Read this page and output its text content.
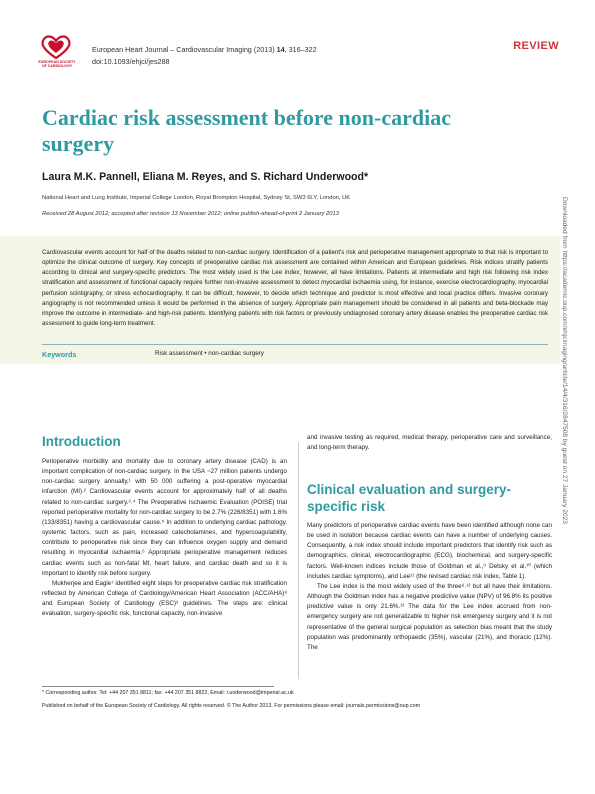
EUROPEAN SOCIETY OF CARDIOLOGY
European Heart Journal – Cardiovascular Imaging (2013) 14, 316–322
doi:10.1093/ehjci/jes288
REVIEW
Cardiac risk assessment before non-cardiac surgery
Laura M.K. Pannell, Eliana M. Reyes, and S. Richard Underwood*
National Heart and Lung Institute, Imperial College London, Royal Brompton Hospital, Sydney St, SW3 6LY, London, UK
Received 28 August 2012; accepted after revision 13 November 2012; online publish-ahead-of-print 2 January 2013	Downloaded from https://academic.oup.com/ehjcimaging/article/14/4/316/2847508 by guest on 27 January 2023
Cardiovascular events account for half of the deaths related to non-cardiac surgery. Identification of a patient's risk and perioperative management appropriate to that risk is important to optimize the clinical outcome of surgery. Key concepts of preoperative cardiac risk assessment are contained within American and European guidelines. Risk indices stratify patients according to clinical and surgery-specific predictors. The most widely used is the Lee index; however, all have limitations. Patients at intermediate and high risk following risk index stratification and assessment of functional capacity require further non-invasive assessment to detect myocardial ischaemia using, for instance, exercise electrocardiography, myocardial perfusion scintigraphy, or stress echocardiography. It can be difficult, however, to decide which technique and predictor is most effective and local practice differs. Invasive coronary angiography is not recommended unless it would be performed in the absence of surgery. Appropriate pain management should be considered in all patients and beta-blockade may improve the outcome in intermediate- and high-risk patients. Identifying patients with risk factors or previously undiagnosed coronary artery disease enables the preoperative cardiac risk assessment to guide long-term treatment.
Keywords	Risk assessment • non-cardiac surgery
Introduction

Perioperative morbidity and mortality due to coronary artery disease (CAD) is an important complication of non-cardiac surgery. In the USA ~27 million patients undergo non-cardiac surgery annually,¹ with 50 000 suffering a post-operative myocardial infarction (MI).² Cardiovascular events account for approximately half of all deaths related to non-cardiac surgery.³˒⁴ The Preoperative Ischaemic Evaluation (POISE) trial reported perioperative mortality for non-cardiac surgery to be 2.7% (226/8351) with 1.6% (133/8351) having a cardiovascular cause.⁵ In addition to underlying cardiac pathology, systemic factors, such as pain, increased catecholamines, and hypercoagulability, contribute to perioperative risk since they can influence oxygen supply and demand resulting in myocardial ischaemia.⁶ Appropriate perioperative management reduces cardiac events such as non-fatal MI, heart failure, and cardiac death and so it is important to identify risk before surgery.

Mukherjee and Eagle⁷ identified eight steps for preoperative cardiac risk stratification reflected by American College of Cardiology/American Heart Association (ACC/AHA)⁸ and European Society of Cardiology (ESC)³ guidelines. The steps are: clinical evaluation, surgery-specific risk, functional capacity, non-invasive

and invasive testing as required, medical therapy, perioperative care and surveillance, and long-term therapy.

Clinical evaluation and surgery-specific risk

Many predictors of perioperative cardiac events have been identified although none can be used in isolation because cardiac events can have a number of underlying causes. Consequently, a risk index should include important predictors that identify risk such as demographics, clinical, electrocardiographic (ECG), biochemical, and surgery-specific factors. Well-known indices include those of Goldman et al.,⁹ Detsky et al.¹⁰ (which includes cardiac symptoms), and Lee¹¹ (the revised cardiac risk index, Table 1).

The Lee index is the most widely used of the three⁸˒¹² but all have their limitations. Although the Goldman index has a negative predictive value (NPV) of 96.8% its positive predictive value is only 21.6%.¹² The data for the Lee index accrued from non-emergency surgery are not generalizable to higher risk emergency surgery and it is not representative of the general surgical population as selection bias meant that the study population was predominantly orthopaedic (35%), vascular (21%), and thoracic (12%). The

* Corresponding author. Tel: +44 207 351 8811; fax: +44 207 351 8822, Email: r.underwood@imperial.ac.uk
Published on behalf of the European Society of Cardiology. All rights reserved. © The Author 2013. For permissions please email: journals.permissions@oup.com
